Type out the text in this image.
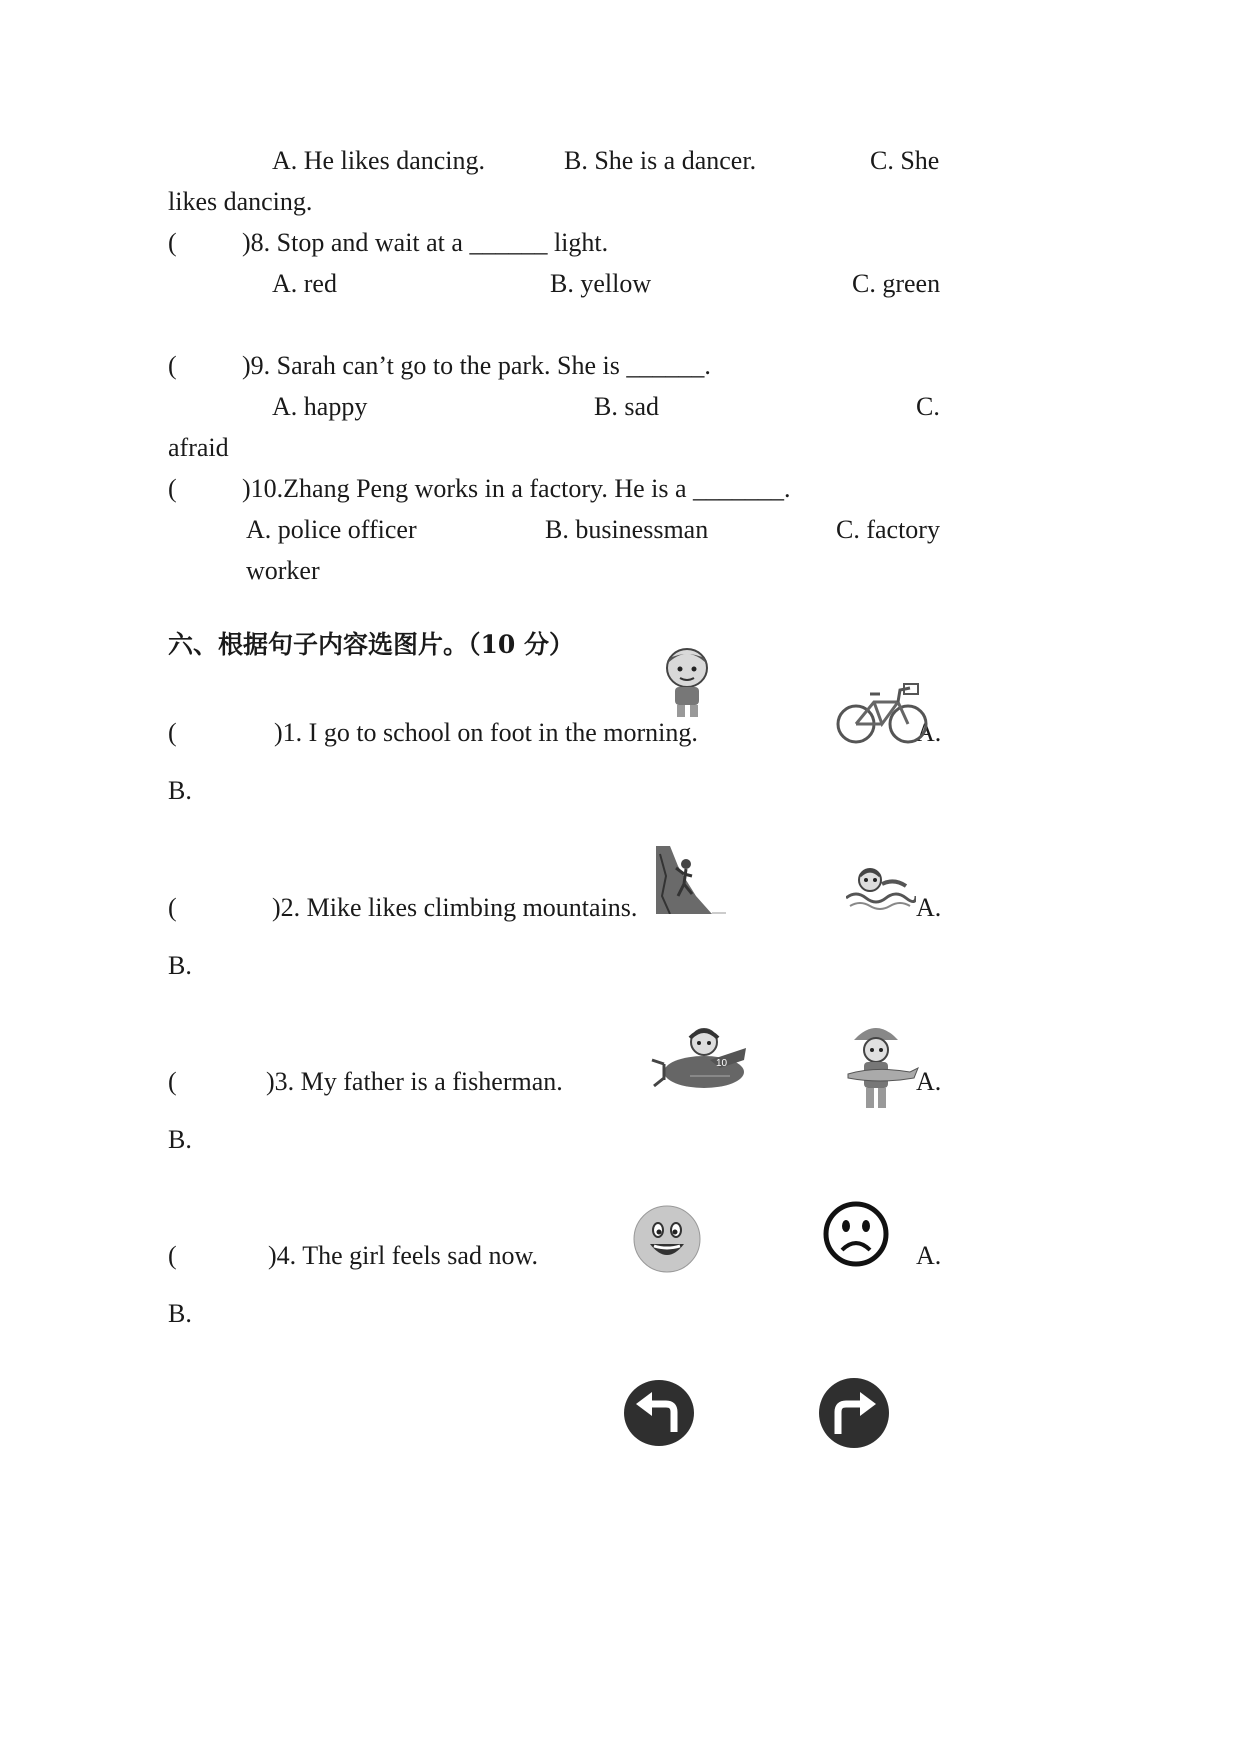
A. He likes dancing.	B. She is a dancer.	C. She
likes dancing.
(	)8. Stop and wait at a ______ light.
A. red	B. yellow	C. green
(	)9. Sarah can’t go to the park. She is ______.
A. happy	B. sad	C.
afraid
(	)10.Zhang Peng works in a factory. He is a _______.
A. police officer	B. businessman	C. factory
worker
六、根据句子内容选图片。（10 分）
(	)1. I go to school on foot in the morning.	A.
B.
(	)2. Mike likes climbing mountains.	A.
B.
(	)3. My father is a fisherman.	A.
B.
10
(	)4. The girl feels sad now.	A.
B.
